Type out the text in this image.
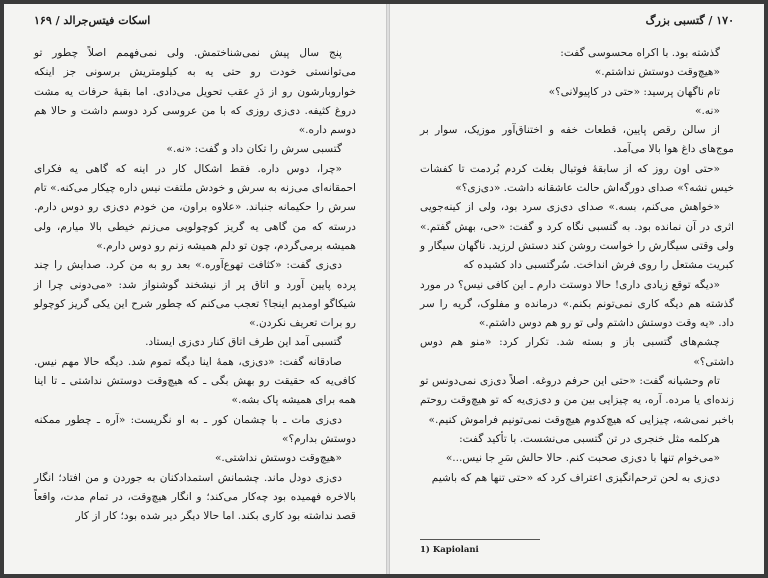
اسکات فیتس‌جرالد / ۱۶۹

پنج سال پیش نمی‌شناختمش. ولی نمی‌فهمم اصلاً چطور تو می‌توانستی خودت رو حتی یه به کیلومتریش برسونی جز اینکه خواروبارشون رو از دَرِ عقب تحویل می‌دادی. اما بقیهٔ حرفات یه مشت دروغ کثیفه. دی‌زی روزی که با من عروسی کرد دوسم داشت و حالا هم دوسم داره.»

گتسبی سرش را تکان داد و گفت: «نه.»

«چرا، دوس داره. فقط اشکال کار در اینه که گاهی یه فکرای احمقانه‌ای می‌زنه به سرش و خودش ملتفت نیس داره چیکار می‌کنه.» تام سرش را حکیمانه جنباند. «علاوه براون، من خودم دی‌زی رو دوس دارم. درسته که من گاهی یه گریز کوچولویی می‌زنم خیطی بالا میارم، ولی همیشه برمی‌گردم، چون تو دلم همیشه زنم رو دوس دارم.»

دی‌زی گفت: «کثافت تهوع‌آوره.» بعد رو به من کرد. صدایش را چند پرده پایین آورد و اتاق پر از نیشخند گوشنواز شد: «می‌دونی چرا از شیکاگو اومدیم اینجا؟ تعجب می‌کنم که چطور شرح این یکی گریز کوچولو رو برات تعریف نکردن.»

گتسبی آمد این طرف اتاق کنار دی‌زی ایستاد.

صادقانه گفت: «دی‌زی، همهٔ اینا دیگه تموم شد. دیگه حالا مهم نیس. کافی‌یه که حقیقت رو بهش بگی ـ که هیچ‌وقت دوستش نداشتی ـ تا اینا همه برای همیشه پاک بشه.»

دی‌زی مات ـ با چشمان کور ـ به او نگریست: «آره ـ چطور ممکنه دوستش بدارم؟»

«هیچ‌وقت دوستش نداشتی.»

دی‌زی دودل ماند. چشمانش استمدادکنان به جوردن و من افتاد؛ انگار بالاخره فهمیده بود چه‌کار می‌کند؛ و انگار هیچ‌وقت، در تمام مدت، واقعاً قصد نداشته بود کاری بکند. اما حالا دیگر دیر شده بود؛ کار از کار

۱۷۰ / گتسبی بزرگ

گذشته بود. با اکراه محسوسی گفت:

«هیچ‌وقت دوستش نداشتم.»

تام ناگهان پرسید: «حتی در کاپیولانی؟»

«نه.»

از سالن رقص پایین، قطعات خفه و اختناق‌آور موزیک، سوار بر موج‌های داغ هوا بالا می‌آمد.

«حتی اون روز که از سابقهٔ فوتبال بغلت کردم بُردمت تا کفشات خیس نشه؟» صدای دورگه‌اش حالت عاشقانه داشت. «دی‌زی؟»

«خواهش می‌کنم، بسه.» صدای دی‌زی سرد بود، ولی از کینه‌جویی اثری در آن نمانده بود. به گتسبی نگاه کرد و گفت: «حی، بهش گفتم.» ولی وقتی سیگارش را خواست روشن کند دستش لرزید. ناگهان سیگار و کبریت مشتعل را روی فرش انداخت. سُرگتسبی داد کشیده که

«دیگه توقع زیادی داری! حالا دوستت دارم ـ این کافی نیس؟ در مورد گذشته هم دیگه کاری نمی‌تونم بکنم.» درمانده و مفلوک، گریه را سر داد. «یه وقت دوستش داشتم ولی تو رو هم دوس داشتم.»

چشم‌های گتسبی باز و بسته شد. تکرار کرد: «منو هم دوس داشتی؟»

تام وحشیانه گفت: «حتی این حرفم دروغه. اصلاً دی‌زی نمی‌دونس تو زنده‌ای یا مرده. آره، یه چیزایی بین من و دی‌زی‌یه که تو هیچ‌وقت روحتم باخبر نمی‌شه، چیزایی که هیچ‌کدوم هیچ‌وقت نمی‌تونیم فراموش کنیم.»

هرکلمه مثل خنجری در تن گتسبی می‌نشست. با تأکید گفت:

«می‌خوام تنها با دی‌زی صحبت کنم. حالا حالش سَرِ جا نیس...»

دی‌زی به لحن ترحم‌انگیزی اعتراف کرد که «حتی تنها هم که باشیم

1) Kapiolani
